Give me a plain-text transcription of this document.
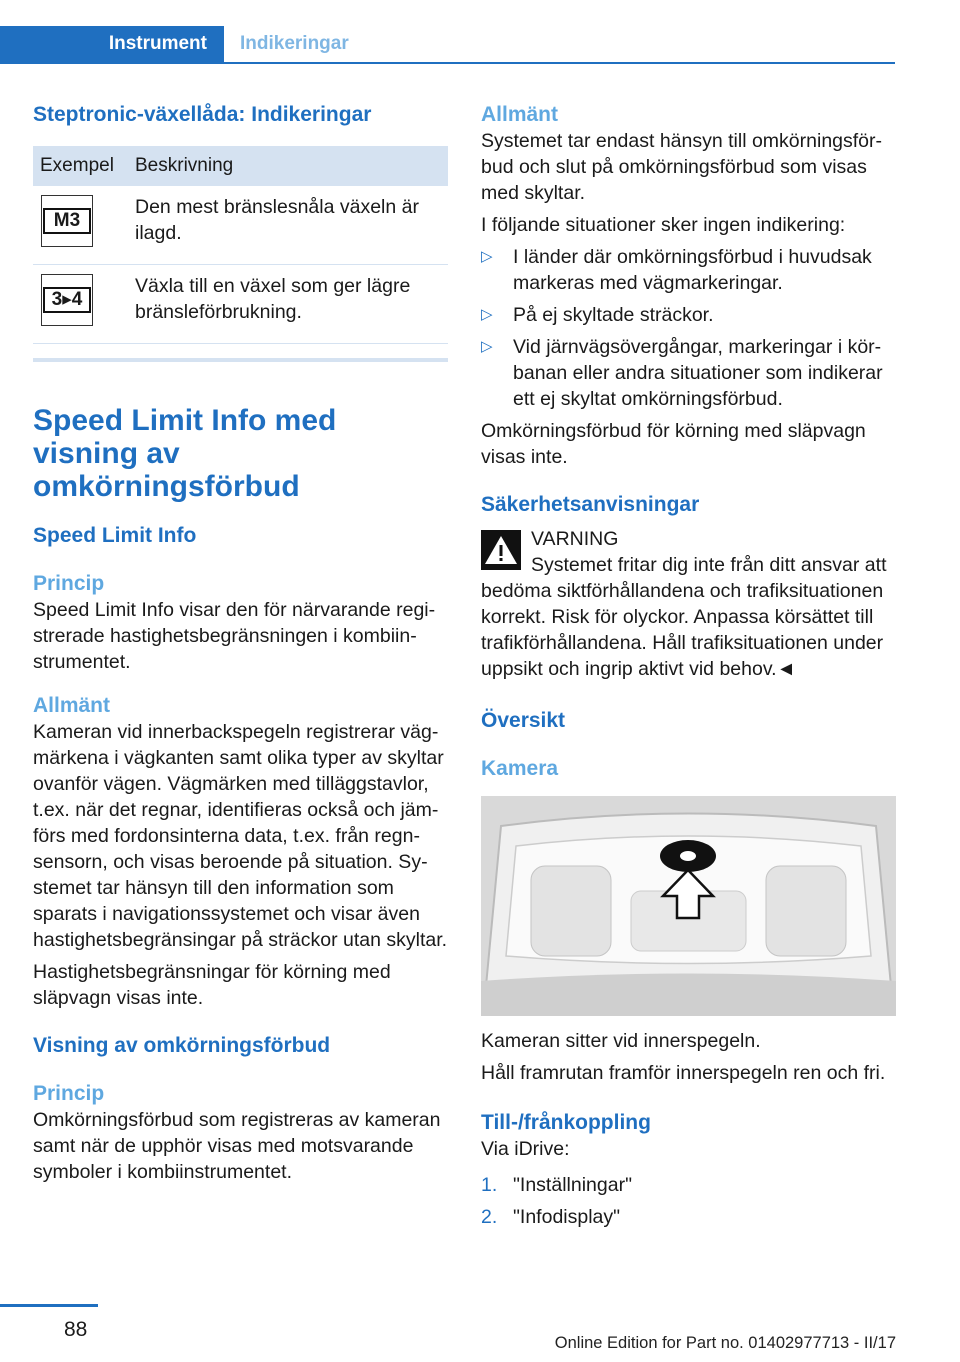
Instrument	Indikeringar
Steptronic-växellåda: Indikeringar
Exempel	Beskrivning

M3	Den mest bränslesnåla växeln är ilagd.

3▸4	Växla till en växel som ger lägre bränsleförbrukning.
Speed Limit Info med visning av omkörningsförbud
Speed Limit Info
Princip

Speed Limit Info visar den för närvarande registrerade hastighetsbegränsningen i kombiinstrumentet.

Allmänt

Kameran vid innerbackspegeln registrerar vägmärkena i vägkanten samt olika typer av skyltar ovanför vägen. Vägmärken med tilläggstavlor, t.ex. när det regnar, identifieras också och jämförs med fordonsinterna data, t.ex. från regnsensorn, och visas beroende på situation. Systemet tar hänsyn till den information som sparats i navigationssystemet och visar även hastighetsbegränsingar på sträckor utan skyltar.

Hastighetsbegränsningar för körning med släpvagn visas inte.

Visning av omkörningsförbud
Princip

Omkörningsförbud som registreras av kameran samt när de upphör visas med motsvarande symboler i kombiinstrumentet.

Allmänt

Systemet tar endast hänsyn till omkörningsförbud och slut på omkörningsförbud som visas med skyltar.

I följande situationer sker ingen indikering:

▷ I länder där omkörningsförbud i huvudsak markeras med vägmarkeringar.
▷ På ej skyltade sträckor.
▷ Vid järnvägsövergångar, markeringar i körbanan eller andra situationer som indikerar ett ej skyltat omkörningsförbud.

Omkörningsförbud för körning med släpvagn visas inte.

Säkerhetsanvisningar

VARNING

Systemet fritar dig inte från ditt ansvar att bedöma siktförhållandena och trafiksituationen korrekt. Risk för olyckor. Anpassa körsättet till trafikförhållandena. Håll trafiksituationen under uppsikt och ingrip aktivt vid behov.◄

Översikt
Kamera

Kameran sitter vid innerspegeln.

Håll framrutan framför innerspegeln ren och fri.

Till-/frånkoppling

Via iDrive:

1. "Inställningar"
2. "Infodisplay"
88
Online Edition for Part no. 01402977713 - II/17
